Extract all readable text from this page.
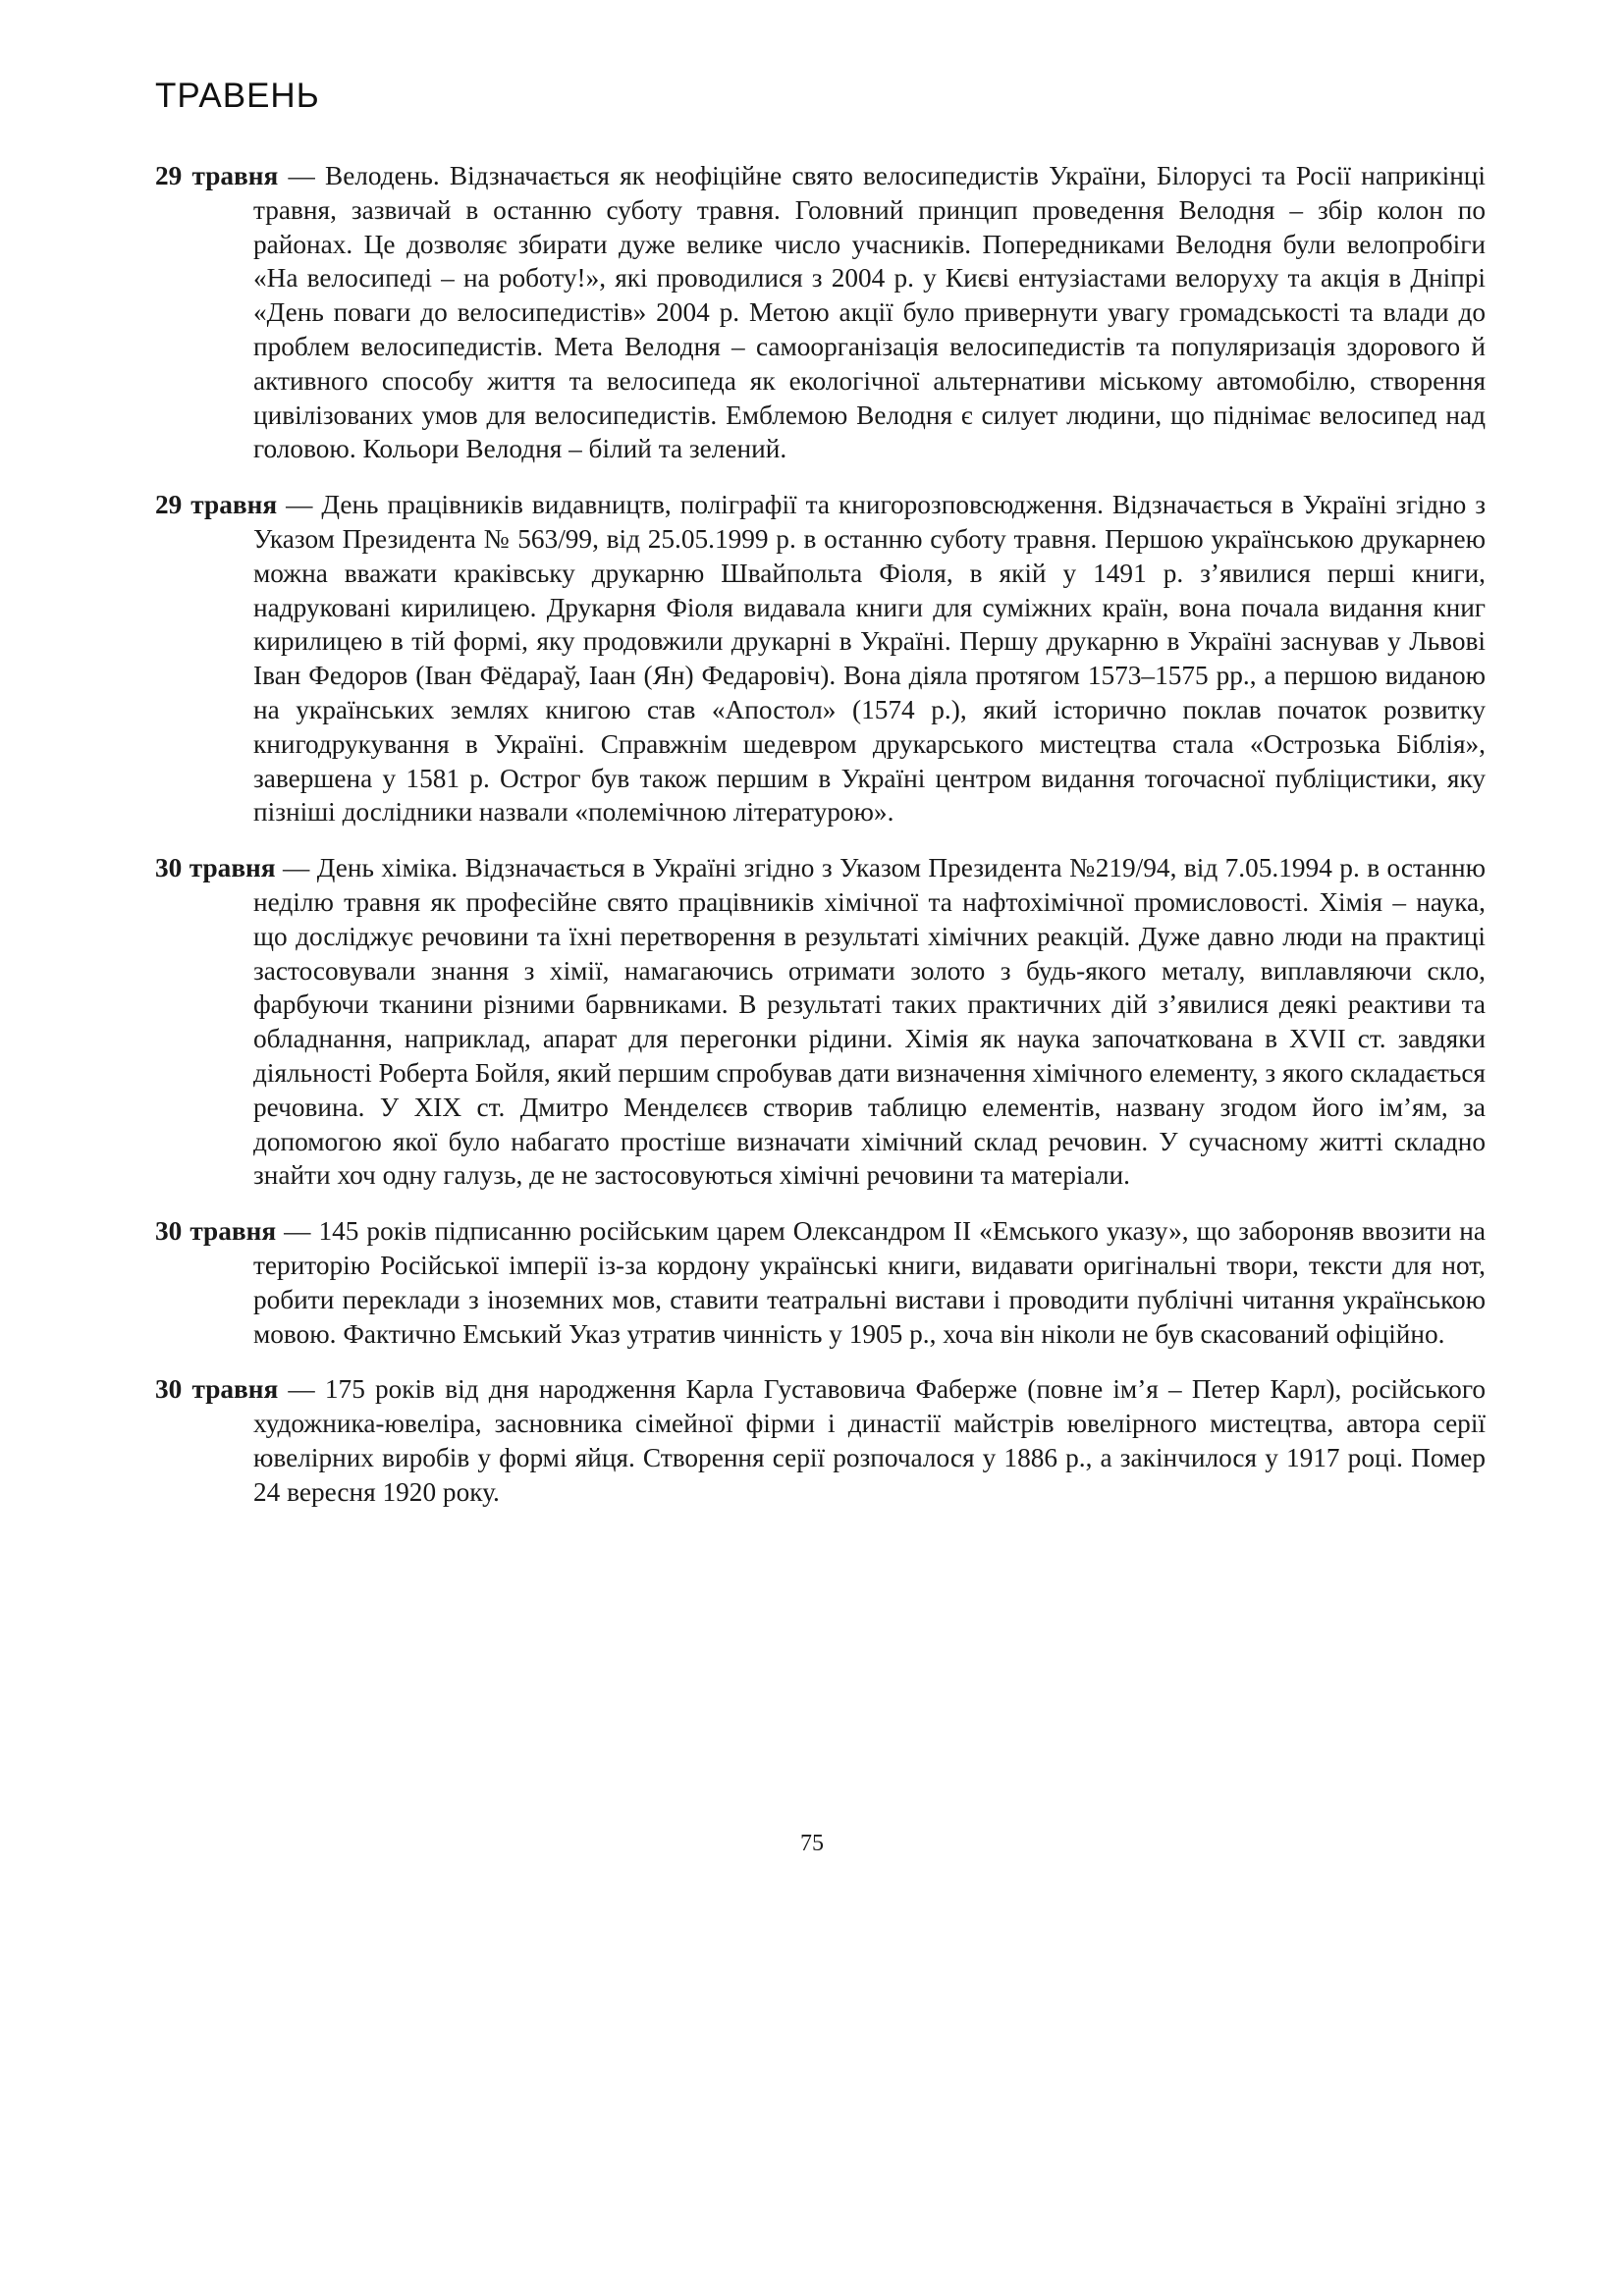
ТРАВЕНЬ

29 травня — Велодень. Відзначається як неофіційне свято велосипедистів України, Білорусі та Росії наприкінці травня, зазвичай в останню суботу травня. Головний принцип проведення Велодня – збір колон по районах. Це дозволяє збирати дуже велике число учасників. Попередниками Велодня були велопробіги «На велосипеді – на роботу!», які проводилися з 2004 р. у Києві ентузіастами велоруху та акція в Дніпрі «День поваги до велосипедистів» 2004 р. Метою акції було привернути увагу громадськості та влади до проблем велосипедистів. Мета Велодня – самоорганізація велосипедистів та популяризація здорового й активного способу життя та велосипеда як екологічної альтернативи міському автомобілю, створення цивілізованих умов для велосипедистів. Емблемою Велодня є силует людини, що піднімає велосипед над головою. Кольори Велодня – білий та зелений.

29 травня — День працівників видавництв, поліграфії та книгорозповсюдження. Відзначається в Україні згідно з Указом Президента № 563/99, від 25.05.1999 р. в останню суботу травня. Першою українською друкарнею можна вважати краківську друкарню Швайпольта Фіоля, в якій у 1491 р. з’явилися перші книги, надруковані кирилицею. Друкарня Фіоля видавала книги для суміжних країн, вона почала видання книг кирилицею в тій формі, яку продовжили друкарні в Україні. Першу друкарню в Україні заснував у Львові Іван Федоров (Іван Фёдараў, Іаан (Ян) Федаровіч). Вона діяла протягом 1573–1575 рр., а першою виданою на українських землях книгою став «Апостол» (1574 р.), який історично поклав початок розвитку книгодрукування в Україні. Справжнім шедевром друкарського мистецтва стала «Острозька Біблія», завершена у 1581 р. Острог був також першим в Україні центром видання тогочасної публіцистики, яку пізніші дослідники назвали «полемічною літературою».

30 травня — День хіміка. Відзначається в Україні згідно з Указом Президента №219/94, від 7.05.1994 р. в останню неділю травня як професійне свято працівників хімічної та нафтохімічної промисловості. Хімія – наука, що досліджує речовини та їхні перетворення в результаті хімічних реакцій. Дуже давно люди на практиці застосовували знання з хімії, намагаючись отримати золото з будь-якого металу, виплавляючи скло, фарбуючи тканини різними барвниками. В результаті таких практичних дій з’явилися деякі реактиви та обладнання, наприклад, апарат для перегонки рідини. Хімія як наука започаткована в XVII ст. завдяки діяльності Роберта Бойля, який першим спробував дати визначення хімічного елементу, з якого складається речовина. У XIX ст. Дмитро Менделєєв створив таблицю елементів, названу згодом його ім’ям, за допомогою якої було набагато простіше визначати хімічний склад речовин. У сучасному житті складно знайти хоч одну галузь, де не застосовуються хімічні речовини та матеріали.

30 травня — 145 років підписанню російським царем Олександром II «Емського указу», що забороняв ввозити на територію Російської імперії із-за кордону українські книги, видавати оригінальні твори, тексти для нот, робити переклади з іноземних мов, ставити театральні вистави і проводити публічні читання українською мовою. Фактично Емський Указ утратив чинність у 1905 р., хоча він ніколи не був скасований офіційно.

30 травня — 175 років від дня народження Карла Густавовича Фаберже (повне ім’я – Петер Карл), російського художника-ювеліра, засновника сімейної фірми і династії майстрів ювелірного мистецтва, автора серії ювелірних виробів у формі яйця. Створення серії розпочалося у 1886 р., а закінчилося у 1917 році. Помер 24 вересня 1920 року.

75
